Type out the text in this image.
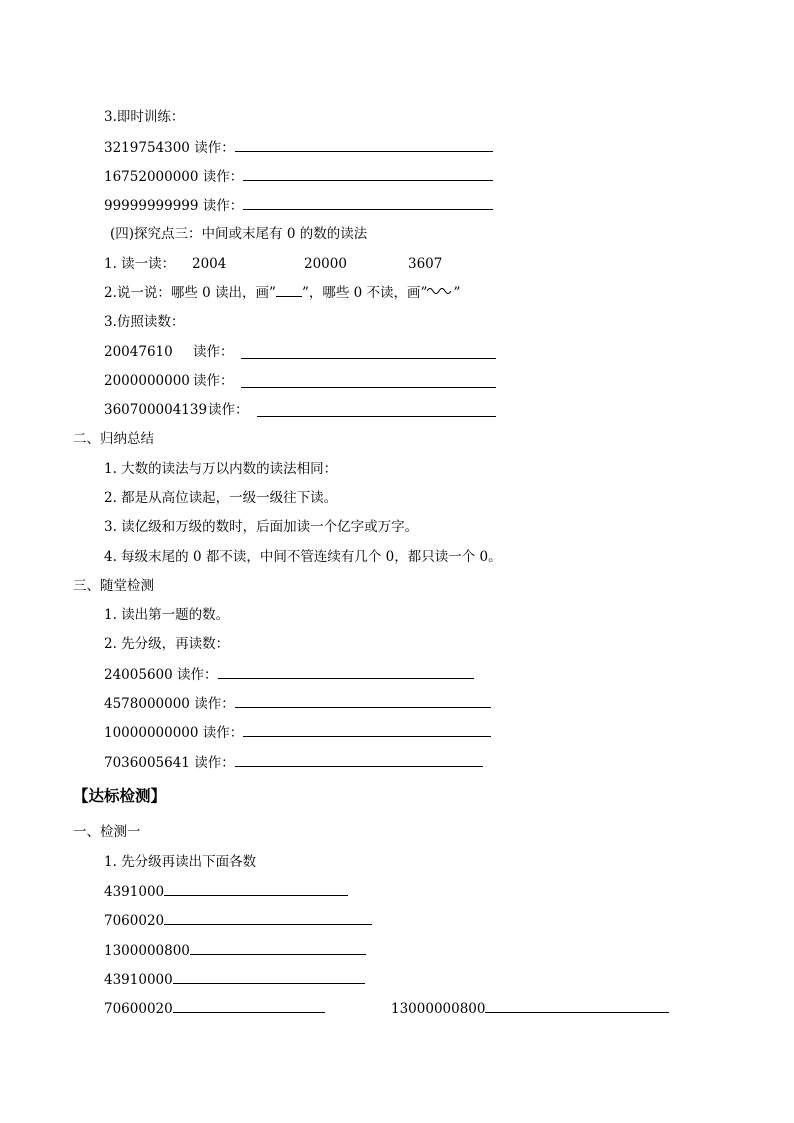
3.即时训练：
3219754300 读作：
16752000000 读作：
99999999999 读作：
(四)探究点三：中间或末尾有 0 的数的读法
1. 读一读： 2004	20000	3607
2.说一说：哪些 0 读出，画” ”，哪些 0 不读，画” ”
3.仿照读数：
20047610 读作：
2000000000 读作：
360700004139 读作：
二、归纳总结
1. 大数的读法与万以内数的读法相同：
2. 都是从高位读起，一级一级往下读。
3. 读亿级和万级的数时，后面加读一个亿字或万字。
4. 每级末尾的 0 都不读，中间不管连续有几个 0，都只读一个 0。
三、随堂检测
1. 读出第一题的数。
2. 先分级，再读数：
24005600 读作：
4578000000 读作：
10000000000 读作：
7036005641 读作：
【达标检测】
一、检测一
1. 先分级再读出下面各数
4391000
7060020
1300000800
43910000
70600020	13000000800
